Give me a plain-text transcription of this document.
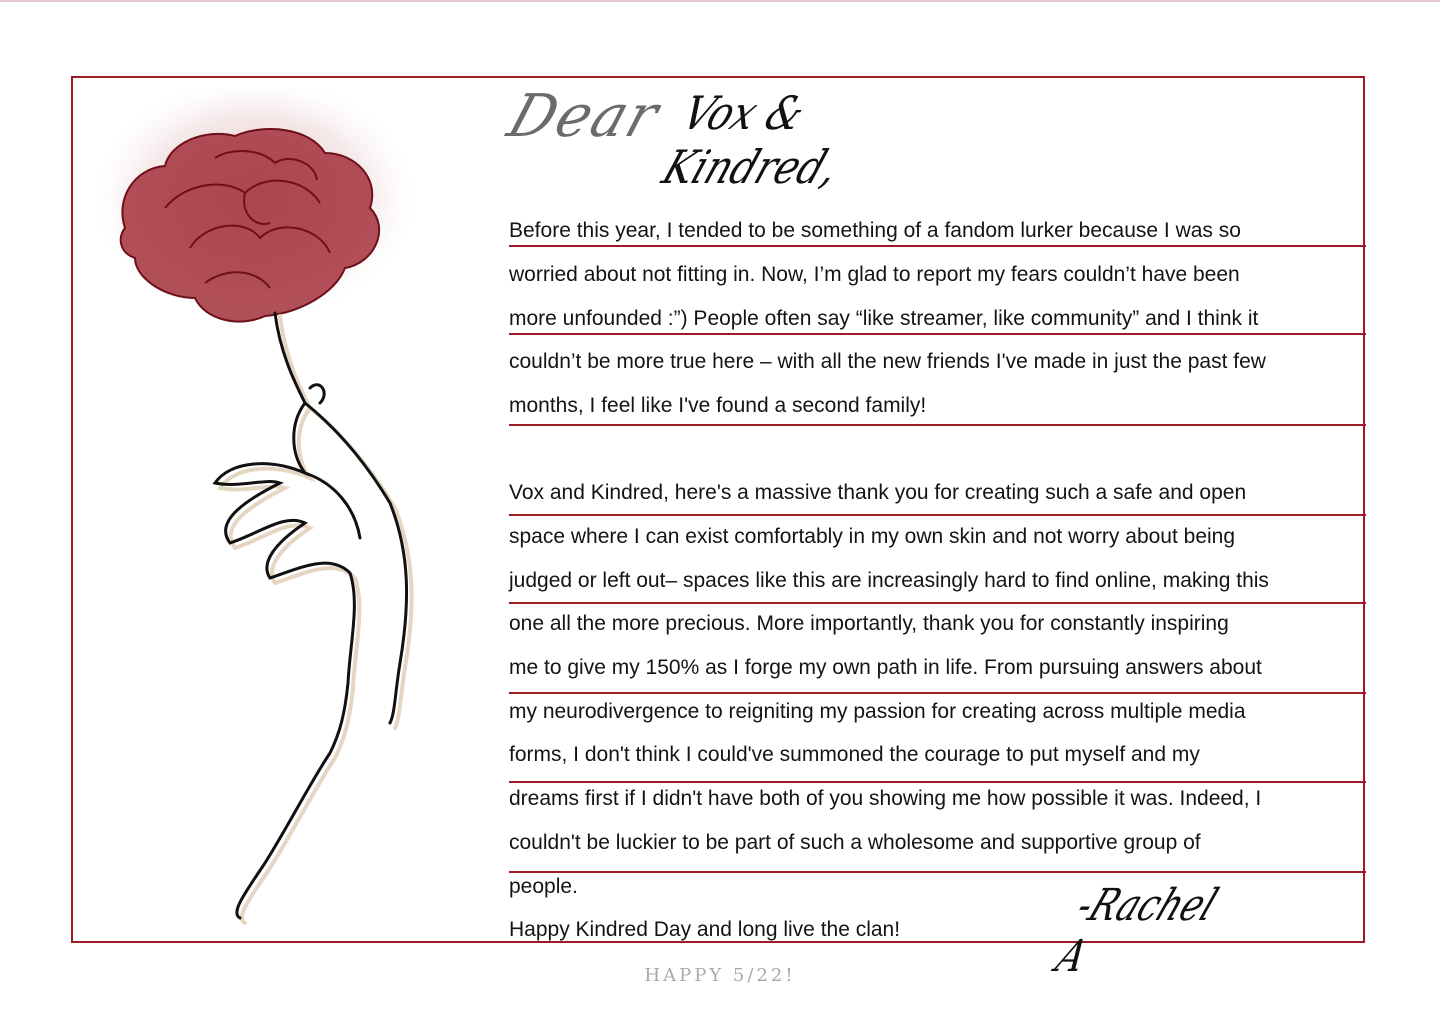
Dear Vox & Kindred,
Before this year, I tended to be something of a fandom lurker because I was so
worried about not fitting in. Now, I’m glad to report my fears couldn’t have been
more unfounded :”) People often say “like streamer, like community” and I think it
couldn’t be more true here – with all the new friends I've made in just the past few
months, I feel like I've found a second family!
Vox and Kindred, here's a massive thank you for creating such a safe and open
space where I can exist comfortably in my own skin and not worry about being
judged or left out– spaces like this are increasingly hard to find online, making this
one all the more precious. More importantly, thank you for constantly inspiring
me to give my 150% as I forge my own path in life. From pursuing answers about
my neurodivergence to reigniting my passion for creating across multiple media
forms, I don't think I could've summoned the courage to put myself and my
dreams first if I didn't have both of you showing me how possible it was. Indeed, I
couldn't be luckier to be part of such a wholesome and supportive group of
people.
Happy Kindred Day and long live the clan!	-Rachel A
HAPPY 5/22!
